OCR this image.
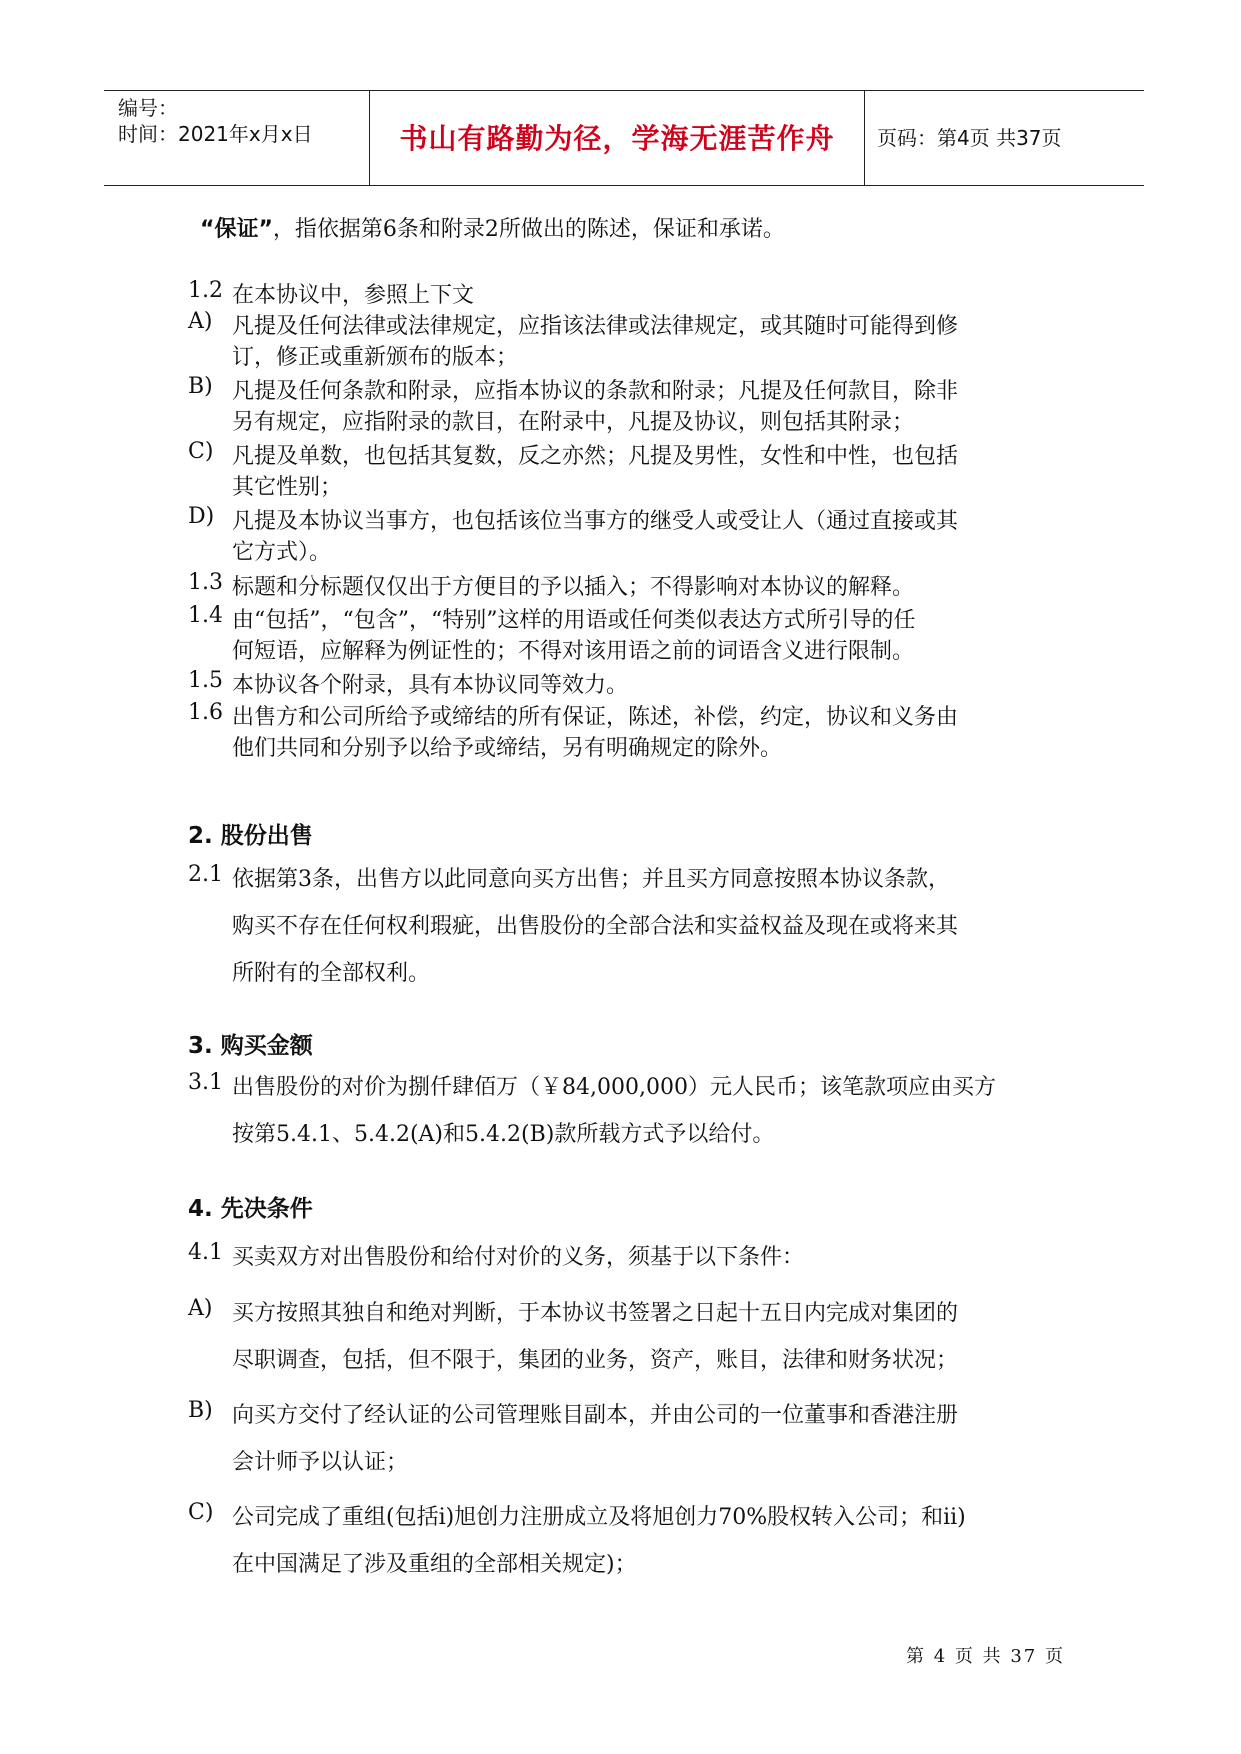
编号：
时间：2021年x月x日	书山有路勤为径，学海无涯苦作舟	页码：第4页 共37页
“保证”，指依据第6条和附录2所做出的陈述，保证和承诺。
1.2 在本协议中，参照上下文
A) 凡提及任何法律或法律规定，应指该法律或法律规定，或其随时可能得到修
订，修正或重新颁布的版本；
B) 凡提及任何条款和附录，应指本协议的条款和附录；凡提及任何款目，除非
另有规定，应指附录的款目，在附录中，凡提及协议，则包括其附录；
C) 凡提及单数，也包括其复数，反之亦然；凡提及男性，女性和中性，也包括
其它性别；
D) 凡提及本协议当事方，也包括该位当事方的继受人或受让人（通过直接或其
它方式）。
1.3 标题和分标题仅仅出于方便目的予以插入；不得影响对本协议的解释。
1.4 由“包括”，“包含”，“特别”这样的用语或任何类似表达方式所引导的任
何短语，应解释为例证性的；不得对该用语之前的词语含义进行限制。
1.5 本协议各个附录，具有本协议同等效力。
1.6 出售方和公司所给予或缔结的所有保证，陈述，补偿，约定，协议和义务由
他们共同和分别予以给予或缔结，另有明确规定的除外。
2. 股份出售
2.1 依据第3条，出售方以此同意向买方出售；并且买方同意按照本协议条款，
购买不存在任何权利瑕疵，出售股份的全部合法和实益权益及现在或将来其
所附有的全部权利。
3. 购买金额
3.1 出售股份的对价为捌仟肆佰万（￥84,000,000）元人民币；该笔款项应由买方
按第5.4.1、5.4.2(A)和5.4.2(B)款所载方式予以给付。
4. 先决条件
4.1 买卖双方对出售股份和给付对价的义务，须基于以下条件：
A) 买方按照其独自和绝对判断，于本协议书签署之日起十五日内完成对集团的
尽职调查，包括，但不限于，集团的业务，资产，账目，法律和财务状况；
B) 向买方交付了经认证的公司管理账目副本，并由公司的一位董事和香港注册
会计师予以认证；
C) 公司完成了重组(包括i)旭创力注册成立及将旭创力70%股权转入公司；和ii)
在中国满足了涉及重组的全部相关规定)；
第 4 页 共 37 页
